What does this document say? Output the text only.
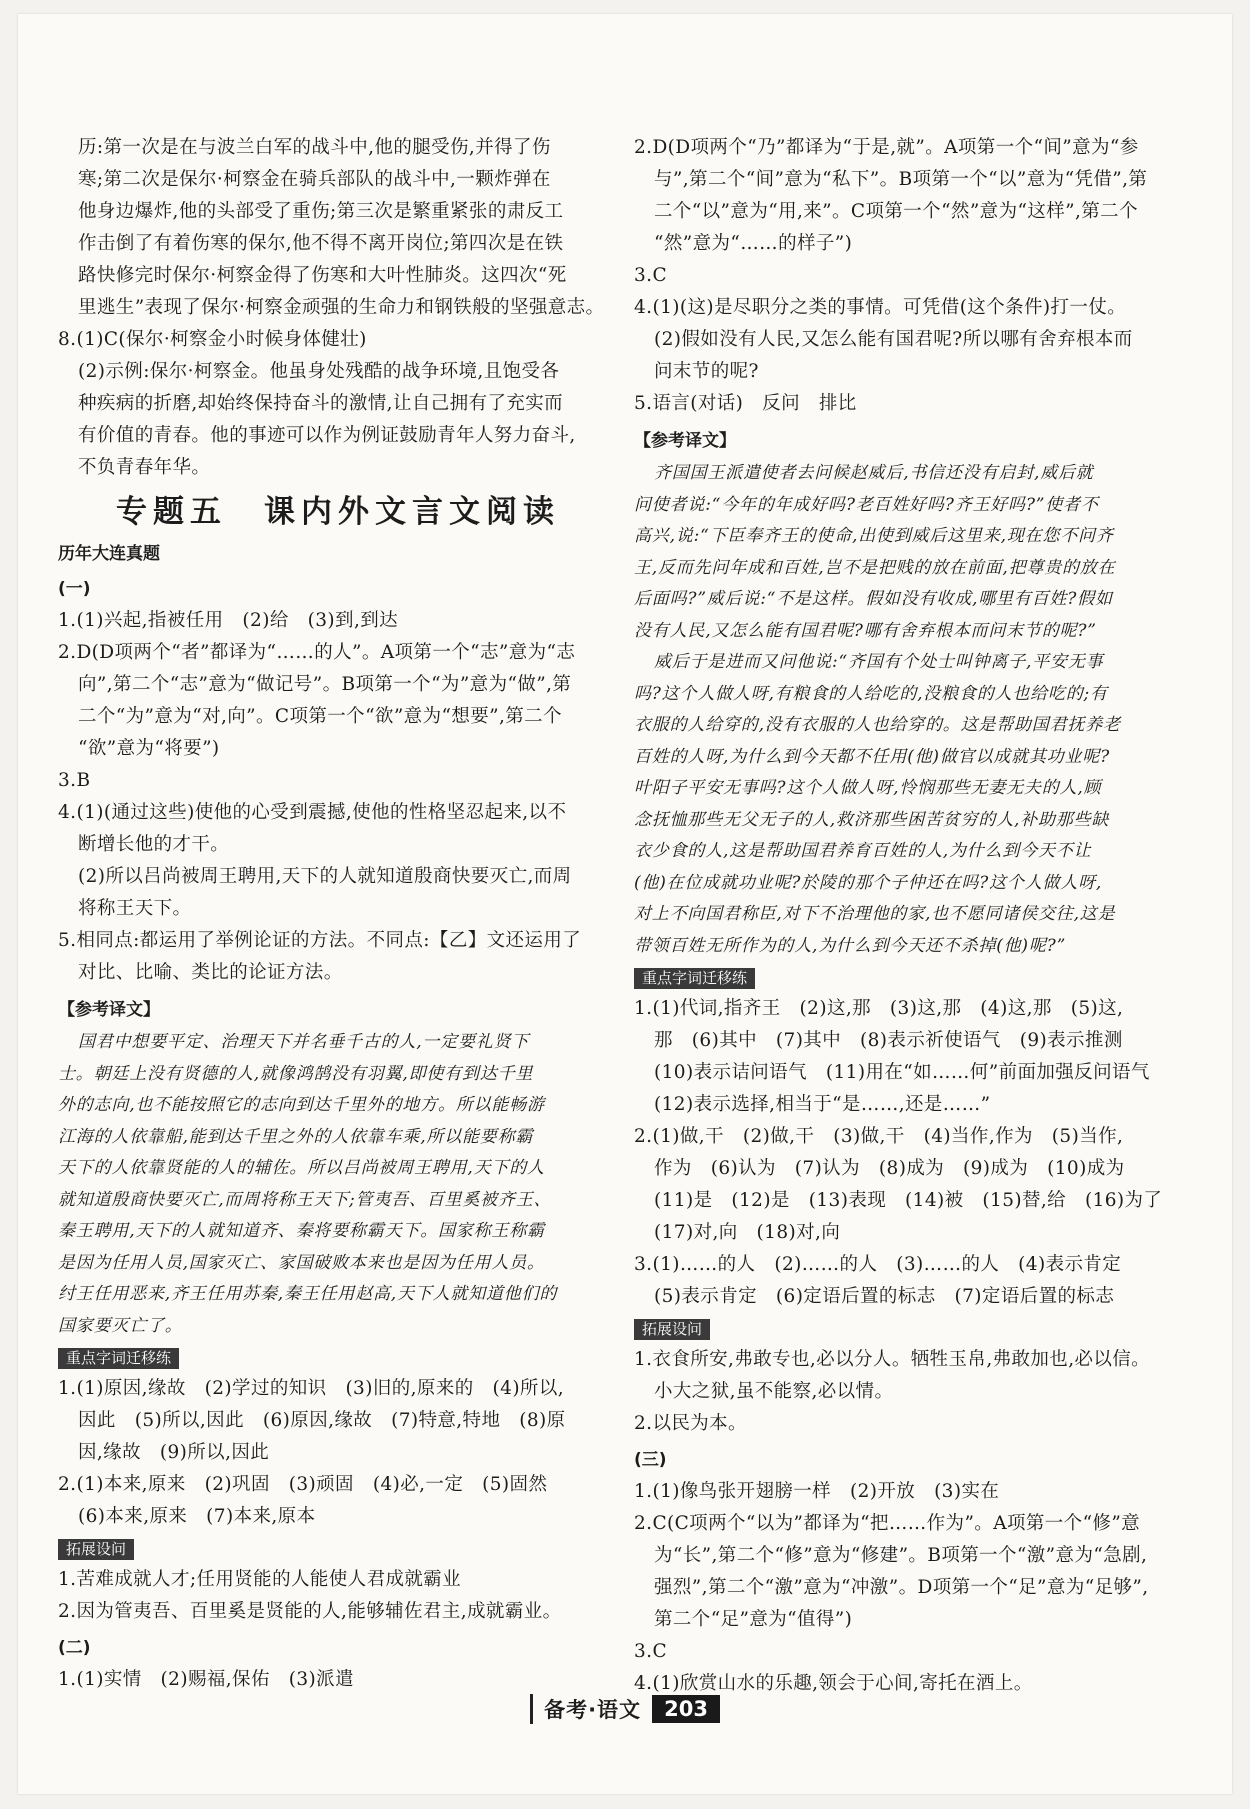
历:第一次是在与波兰白军的战斗中,他的腿受伤,并得了伤

寒;第二次是保尔·柯察金在骑兵部队的战斗中,一颗炸弹在

他身边爆炸,他的头部受了重伤;第三次是繁重紧张的肃反工

作击倒了有着伤寒的保尔,他不得不离开岗位;第四次是在铁

路快修完时保尔·柯察金得了伤寒和大叶性肺炎。这四次“死

里逃生”表现了保尔·柯察金顽强的生命力和钢铁般的坚强意志。

8.(1)C(保尔·柯察金小时候身体健壮)

(2)示例:保尔·柯察金。他虽身处残酷的战争环境,且饱受各

种疾病的折磨,却始终保持奋斗的激情,让自己拥有了充实而

有价值的青春。他的事迹可以作为例证鼓励青年人努力奋斗,

不负青春年华。

专题五　课内外文言文阅读
历年大连真题
(一)

1.(1)兴起,指被任用　(2)给　(3)到,到达

2.D(D项两个“者”都译为“……的人”。A项第一个“志”意为“志

向”,第二个“志”意为“做记号”。B项第一个“为”意为“做”,第

二个“为”意为“对,向”。C项第一个“欲”意为“想要”,第二个

“欲”意为“将要”)

3.B

4.(1)(通过这些)使他的心受到震撼,使他的性格坚忍起来,以不

断增长他的才干。

(2)所以吕尚被周王聘用,天下的人就知道殷商快要灭亡,而周

将称王天下。

5.相同点:都运用了举例论证的方法。不同点:【乙】文还运用了

对比、比喻、类比的论证方法。

【参考译文】

国君中想要平定、治理天下并名垂千古的人,一定要礼贤下

士。朝廷上没有贤德的人,就像鸿鹄没有羽翼,即使有到达千里

外的志向,也不能按照它的志向到达千里外的地方。所以能畅游

江海的人依靠船,能到达千里之外的人依靠车乘,所以能要称霸

天下的人依靠贤能的人的辅佐。所以吕尚被周王聘用,天下的人

就知道殷商快要灭亡,而周将称王天下;管夷吾、百里奚被齐王、

秦王聘用,天下的人就知道齐、秦将要称霸天下。国家称王称霸

是因为任用人员,国家灭亡、家国破败本来也是因为任用人员。

纣王任用恶来,齐王任用苏秦,秦王任用赵高,天下人就知道他们的

国家要灭亡了。

重点字词迁移练

1.(1)原因,缘故　(2)学过的知识　(3)旧的,原来的　(4)所以,

因此　(5)所以,因此　(6)原因,缘故　(7)特意,特地　(8)原

因,缘故　(9)所以,因此

2.(1)本来,原来　(2)巩固　(3)顽固　(4)必,一定　(5)固然

(6)本来,原来　(7)本来,原本

拓展设问

1.苦难成就人才;任用贤能的人能使人君成就霸业

2.因为管夷吾、百里奚是贤能的人,能够辅佐君主,成就霸业。

(二)

1.(1)实情　(2)赐福,保佑　(3)派遣

2.D(D项两个“乃”都译为“于是,就”。A项第一个“间”意为“参

与”,第二个“间”意为“私下”。B项第一个“以”意为“凭借”,第

二个“以”意为“用,来”。C项第一个“然”意为“这样”,第二个

“然”意为“……的样子”)

3.C

4.(1)(这)是尽职分之类的事情。可凭借(这个条件)打一仗。

(2)假如没有人民,又怎么能有国君呢?所以哪有舍弃根本而

问末节的呢?

5.语言(对话)　反问　排比

【参考译文】

齐国国王派遣使者去问候赵威后,书信还没有启封,威后就

问使者说:“今年的年成好吗?老百姓好吗?齐王好吗?”使者不

高兴,说:“下臣奉齐王的使命,出使到威后这里来,现在您不问齐

王,反而先问年成和百姓,岂不是把贱的放在前面,把尊贵的放在

后面吗?”威后说:“不是这样。假如没有收成,哪里有百姓?假如

没有人民,又怎么能有国君呢?哪有舍弃根本而问末节的呢?”

威后于是进而又问他说:“齐国有个处士叫钟离子,平安无事

吗?这个人做人呀,有粮食的人给吃的,没粮食的人也给吃的;有

衣服的人给穿的,没有衣服的人也给穿的。这是帮助国君抚养老

百姓的人呀,为什么到今天都不任用(他)做官以成就其功业呢?

叶阳子平安无事吗?这个人做人呀,怜悯那些无妻无夫的人,顾

念抚恤那些无父无子的人,救济那些困苦贫穷的人,补助那些缺

衣少食的人,这是帮助国君养育百姓的人,为什么到今天不让

(他)在位成就功业呢?於陵的那个子仲还在吗?这个人做人呀,

对上不向国君称臣,对下不治理他的家,也不愿同诸侯交往,这是

带领百姓无所作为的人,为什么到今天还不杀掉(他)呢?”

重点字词迁移练

1.(1)代词,指齐王　(2)这,那　(3)这,那　(4)这,那　(5)这,

那　(6)其中　(7)其中　(8)表示祈使语气　(9)表示推测

(10)表示诘问语气　(11)用在“如……何”前面加强反问语气

(12)表示选择,相当于“是……,还是……”

2.(1)做,干　(2)做,干　(3)做,干　(4)当作,作为　(5)当作,

作为　(6)认为　(7)认为　(8)成为　(9)成为　(10)成为

(11)是　(12)是　(13)表现　(14)被　(15)替,给　(16)为了

(17)对,向　(18)对,向

3.(1)……的人　(2)……的人　(3)……的人　(4)表示肯定

(5)表示肯定　(6)定语后置的标志　(7)定语后置的标志

拓展设问

1.衣食所安,弗敢专也,必以分人。牺牲玉帛,弗敢加也,必以信。

小大之狱,虽不能察,必以情。

2.以民为本。

(三)

1.(1)像鸟张开翅膀一样　(2)开放　(3)实在

2.C(C项两个“以为”都译为“把……作为”。A项第一个“修”意

为“长”,第二个“修”意为“修建”。B项第一个“激”意为“急剧,

强烈”,第二个“激”意为“冲激”。D项第一个“足”意为“足够”,

第二个“足”意为“值得”)

3.C

4.(1)欣赏山水的乐趣,领会于心间,寄托在酒上。

备考·语文 203
